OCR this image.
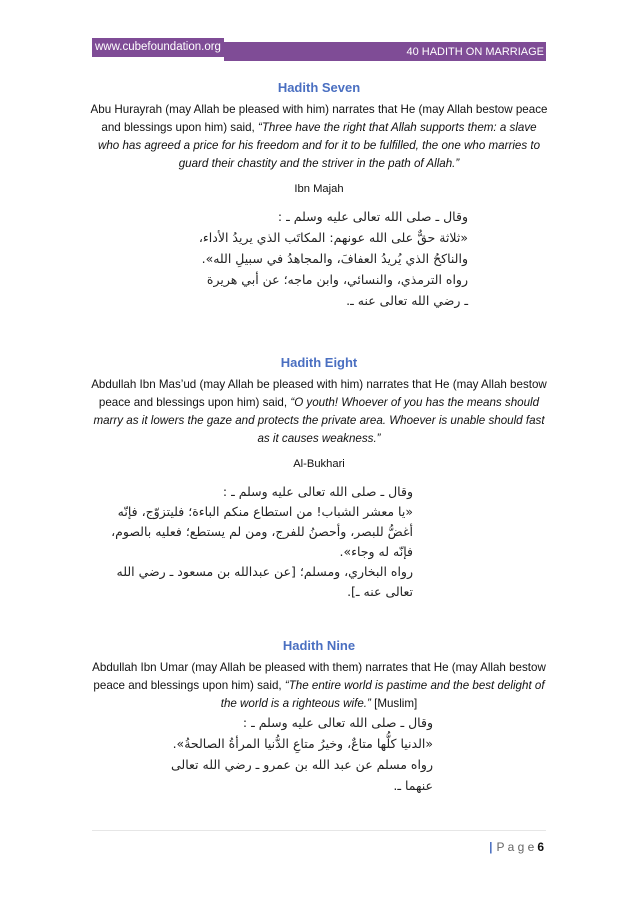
www.cubefoundation.org	40 HADITH ON MARRIAGE
Hadith Seven

Abu Hurayrah (may Allah be pleased with him) narrates that He (may Allah bestow peace and blessings upon him) said, “Three have the right that Allah supports them: a slave who has agreed a price for his freedom and for it to be fulfilled, the one who marries to guard their chastity and the striver in the path of Allah.”

Ibn Majah
وقال ـ صلى الله تعالى عليه وسلم ـ :
«ثلاثة حقٌّ على الله عونهم: المكاتَب الذي يريدُ الأداء،
والناكحُ الذي يُريدُ العفافَ، والمجاهدُ في سبيلِ الله».
رواه الترمذي، والنسائي، وابن ماجه؛ عن أبي هريرة
ـ رضي الله تعالى عنه ـ.
Hadith Eight

Abdullah Ibn Mas’ud (may Allah be pleased with him) narrates that He (may Allah bestow peace and blessings upon him) said, “O youth! Whoever of you has the means should marry as it lowers the gaze and protects the private area. Whoever is unable should fast as it causes weakness.”

Al-Bukhari
وقال ـ صلى الله تعالى عليه وسلم ـ :
«يا معشر الشباب! من استطاع منكم الباءة؛ فليتزوّج، فإنّه
أغضُّ للبصر، وأحصنُ للفرج، ومن لم يستطع؛ فعليه بالصوم،
فإنّه له وجاء».
رواه البخاري، ومسلم؛ [عن عبدالله بن مسعود ـ رضي الله
تعالى عنه ـ].
Hadith Nine

Abdullah Ibn Umar (may Allah be pleased with them) narrates that He (may Allah bestow peace and blessings upon him) said, “The entire world is pastime and the best delight of the world is a righteous wife.” [Muslim]

وقال ـ صلى الله تعالى عليه وسلم ـ :
«الدنيا كلُّها متاعٌ، وخيرُ متاعِ الدُّنيا المرأةُ الصالحةُ».
رواه مسلم عن عبد الله بن عمرو ـ رضي الله تعالى
عنهما ـ.
| P a g e 6
